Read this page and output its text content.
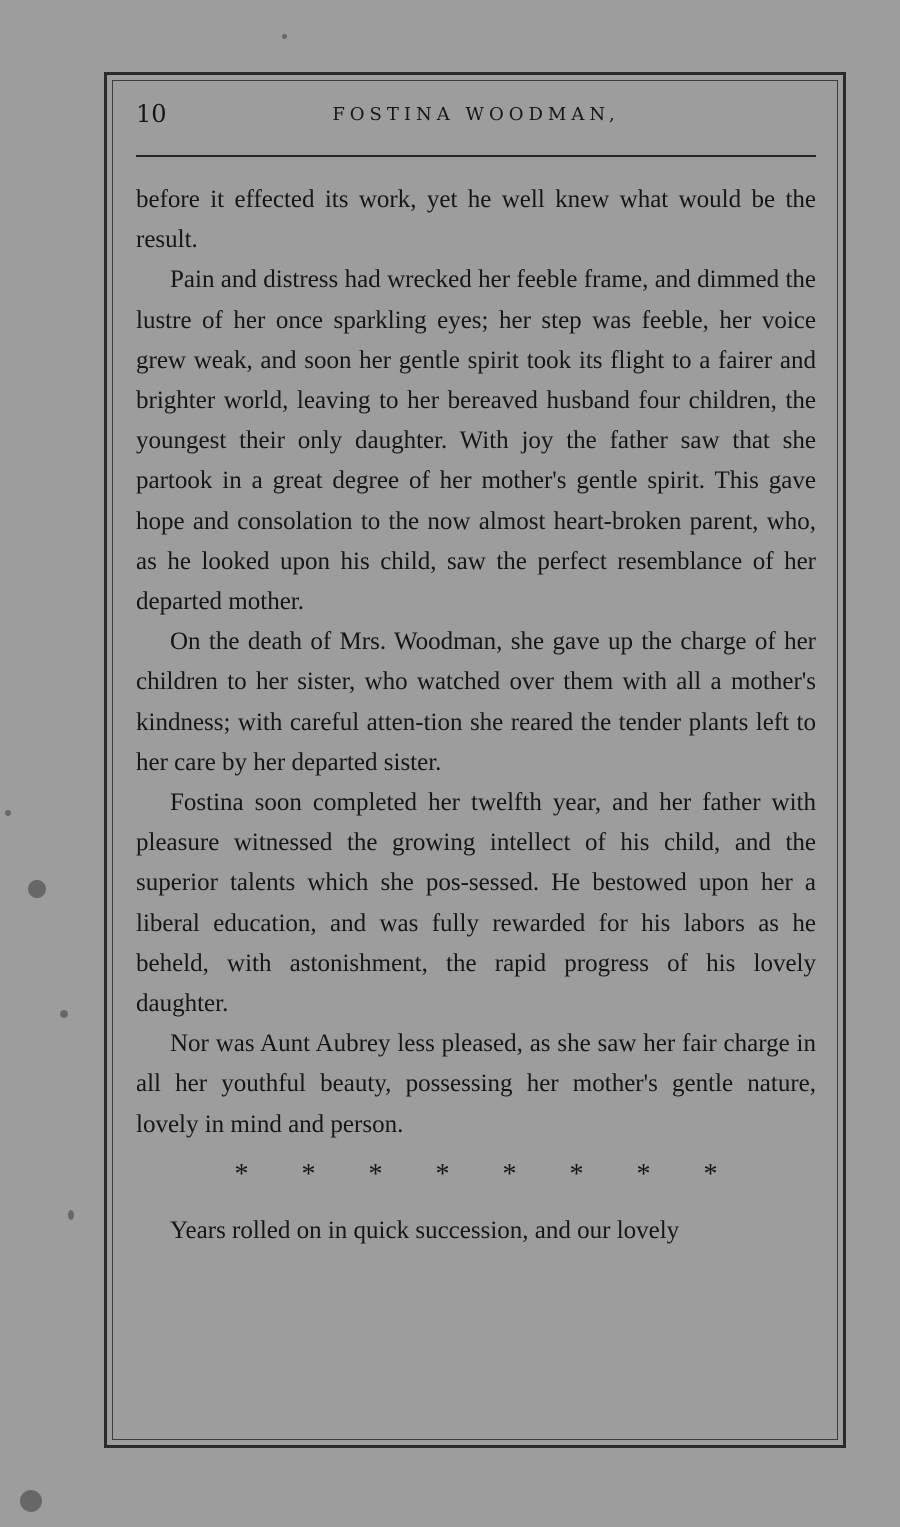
10	FOSTINA WOODMAN,

before it effected its work, yet he well knew what would be the result.

Pain and distress had wrecked her feeble frame, and dimmed the lustre of her once sparkling eyes; her step was feeble, her voice grew weak, and soon her gentle spirit took its flight to a fairer and brighter world, leaving to her bereaved husband four children, the youngest their only daughter. With joy the father saw that she partook in a great degree of her mother's gentle spirit. This gave hope and consolation to the now almost heart-broken parent, who, as he looked upon his child, saw the perfect resemblance of her departed mother.

On the death of Mrs. Woodman, she gave up the charge of her children to her sister, who watched over them with all a mother's kindness; with careful atten-tion she reared the tender plants left to her care by her departed sister.

Fostina soon completed her twelfth year, and her father with pleasure witnessed the growing intellect of his child, and the superior talents which she pos-sessed. He bestowed upon her a liberal education, and was fully rewarded for his labors as he beheld, with astonishment, the rapid progress of his lovely daughter.

Nor was Aunt Aubrey less pleased, as she saw her fair charge in all her youthful beauty, possessing her mother's gentle nature, lovely in mind and person.

* * * * * * * *

Years rolled on in quick succession, and our lovely
